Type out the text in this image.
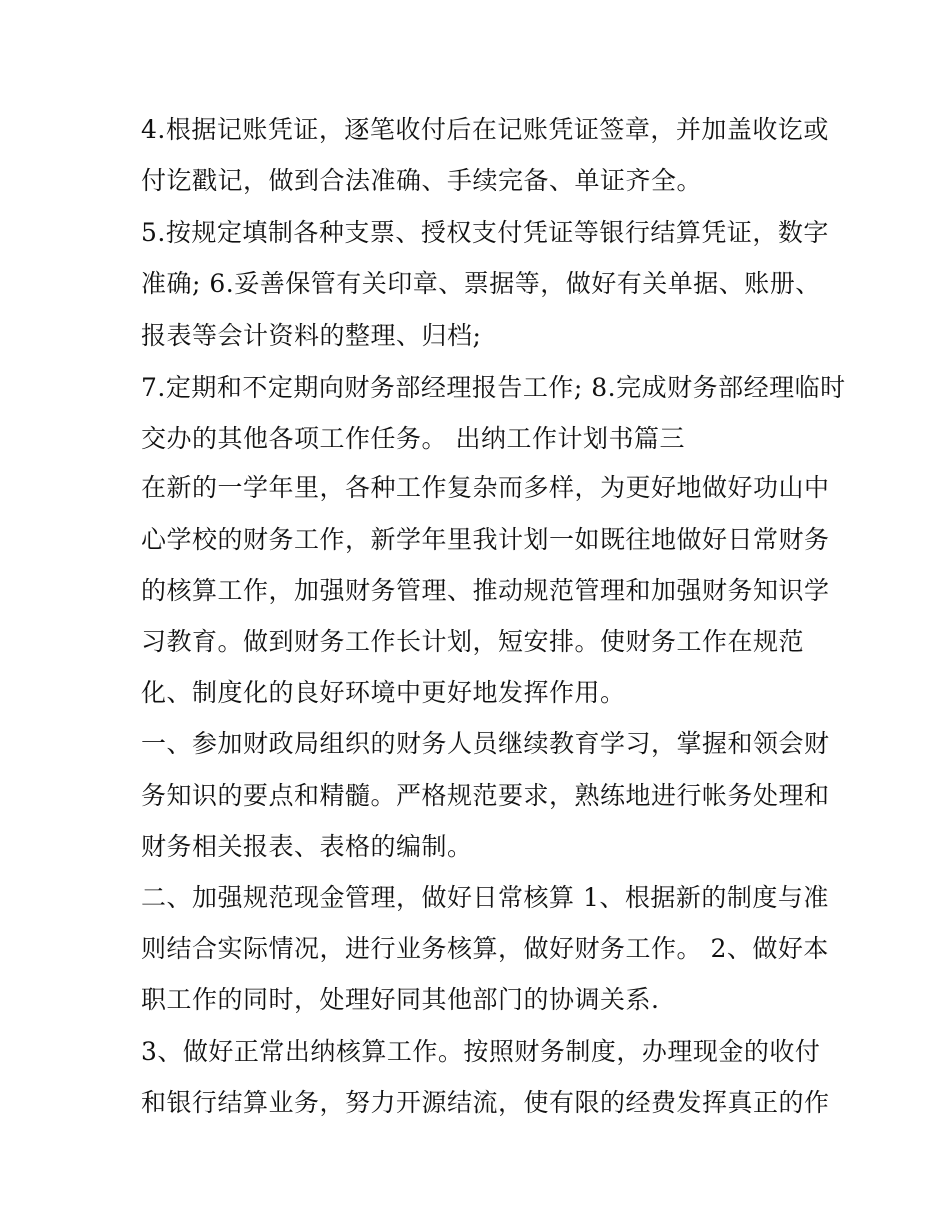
4.根据记账凭证，逐笔收付后在记账凭证签章，并加盖收讫或
付讫戳记，做到合法准确、手续完备、单证齐全。
5.按规定填制各种支票、授权支付凭证等银行结算凭证，数字
准确; 6.妥善保管有关印章、票据等，做好有关单据、账册、
报表等会计资料的整理、归档;
7.定期和不定期向财务部经理报告工作; 8.完成财务部经理临时
交办的其他各项工作任务。 出纳工作计划书篇三
在新的一学年里，各种工作复杂而多样，为更好地做好功山中
心学校的财务工作，新学年里我计划一如既往地做好日常财务
的核算工作，加强财务管理、推动规范管理和加强财务知识学
习教育。做到财务工作长计划，短安排。使财务工作在规范
化、制度化的良好环境中更好地发挥作用。
一、参加财政局组织的财务人员继续教育学习，掌握和领会财
务知识的要点和精髓。严格规范要求，熟练地进行帐务处理和
财务相关报表、表格的编制。
二、加强规范现金管理，做好日常核算 1、根据新的制度与准
则结合实际情况，进行业务核算，做好财务工作。 2、做好本
职工作的同时，处理好同其他部门的协调关系.
3、做好正常出纳核算工作。按照财务制度，办理现金的收付
和银行结算业务，努力开源结流，使有限的经费发挥真正的作
